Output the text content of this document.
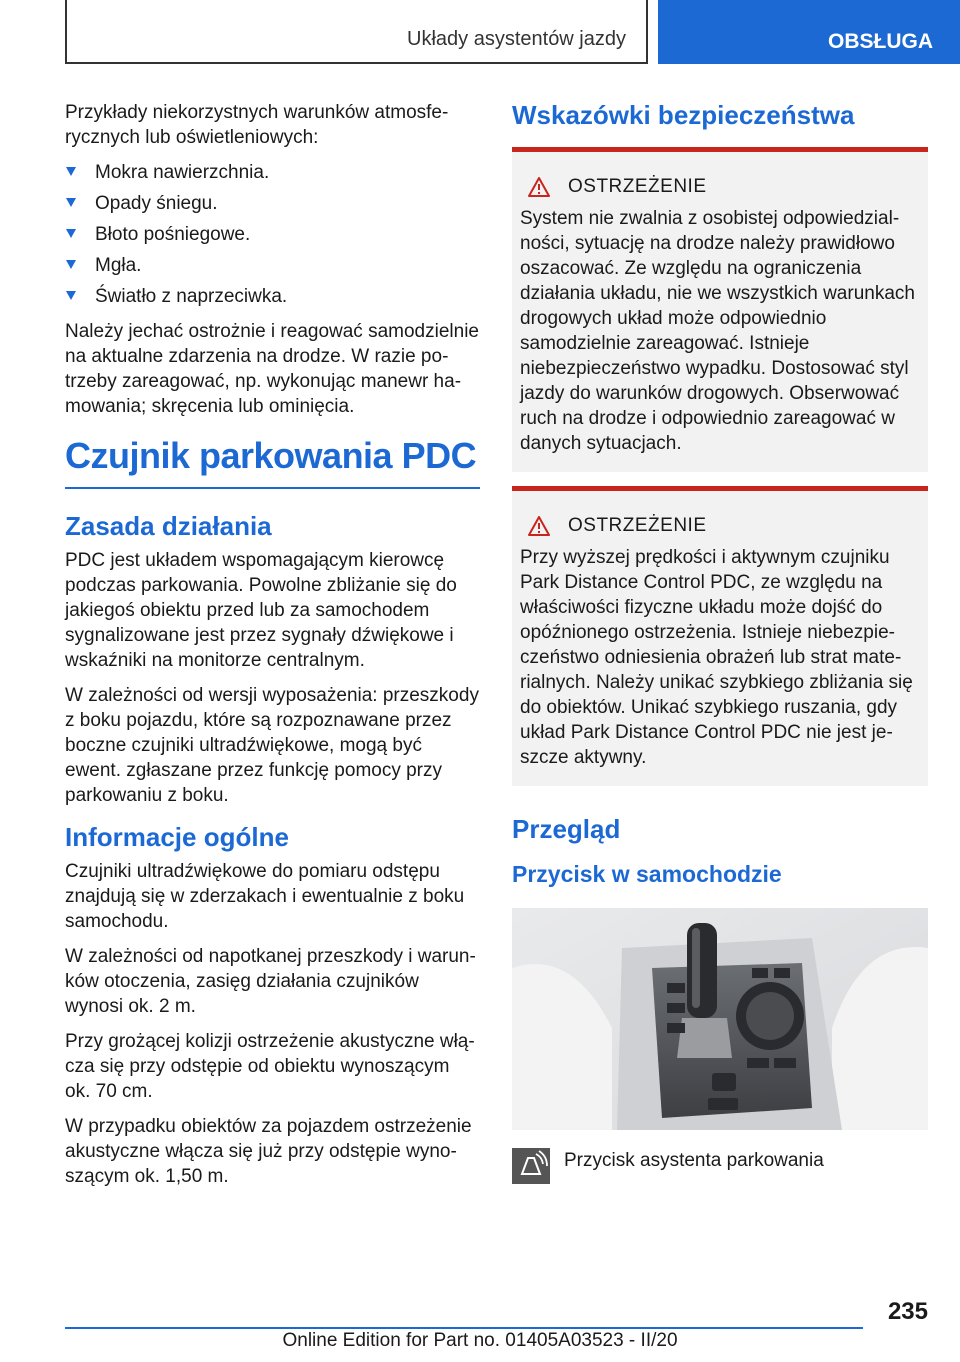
Układy asystentów jazdy	OBSŁUGA

Przykłady niekorzystnych warunków atmosferycznych lub oświetleniowych:

Mokra nawierzchnia.
Opady śniegu.
Błoto pośniegowe.
Mgła.
Światło z naprzeciwka.

Należy jechać ostrożnie i reagować samodzielnie na aktualne zdarzenia na drodze. W razie potrzeby zareagować, np. wykonując manewr hamowania; skręcenia lub ominięcia.

Czujnik parkowania PDC
Zasada działania

PDC jest układem wspomagającym kierowcę podczas parkowania. Powolne zbliżanie się do jakiegoś obiektu przed lub za samochodem sygnalizowane jest przez sygnały dźwiękowe i wskaźniki na monitorze centralnym.

W zależności od wersji wyposażenia: przeszkody z boku pojazdu, które są rozpoznawane przez boczne czujniki ultradźwiękowe, mogą być ewent. zgłaszane przez funkcję pomocy przy parkowaniu z boku.

Informacje ogólne

Czujniki ultradźwiękowe do pomiaru odstępu znajdują się w zderzakach i ewentualnie z boku samochodu.

W zależności od napotkanej przeszkody i warunków otoczenia, zasięg działania czujników wynosi ok. 2 m.

Przy grożącej kolizji ostrzeżenie akustyczne włącza się przy odstępie od obiektu wynoszącym ok. 70 cm.

W przypadku obiektów za pojazdem ostrzeżenie akustyczne włącza się już przy odstępie wynoszącym ok. 1,50 m.

Wskazówki bezpieczeństwa
OSTRZEŻENIE

System nie zwalnia z osobistej odpowiedzialności, sytuację na drodze należy prawidłowo oszacować. Ze względu na ograniczenia działania układu, nie we wszystkich warunkach drogowych układ może odpowiednio samodzielnie zareagować. Istnieje niebezpieczeństwo wypadku. Dostosować styl jazdy do warunków drogowych. Obserwować ruch na drodze i odpowiednio zareagować w danych sytuacjach.

OSTRZEŻENIE

Przy wyższej prędkości i aktywnym czujniku Park Distance Control PDC, ze względu na właściwości fizyczne układu może dojść do opóźnionego ostrzeżenia. Istnieje niebezpieczeństwo odniesienia obrażeń lub strat materialnych. Należy unikać szybkiego zbliżania się do obiektów. Unikać szybkiego ruszania, gdy układ Park Distance Control PDC nie jest jeszcze aktywny.

Przegląd
Przycisk w samochodzie

Przycisk asystenta parkowania

235
Online Edition for Part no. 01405A03523 - II/20
